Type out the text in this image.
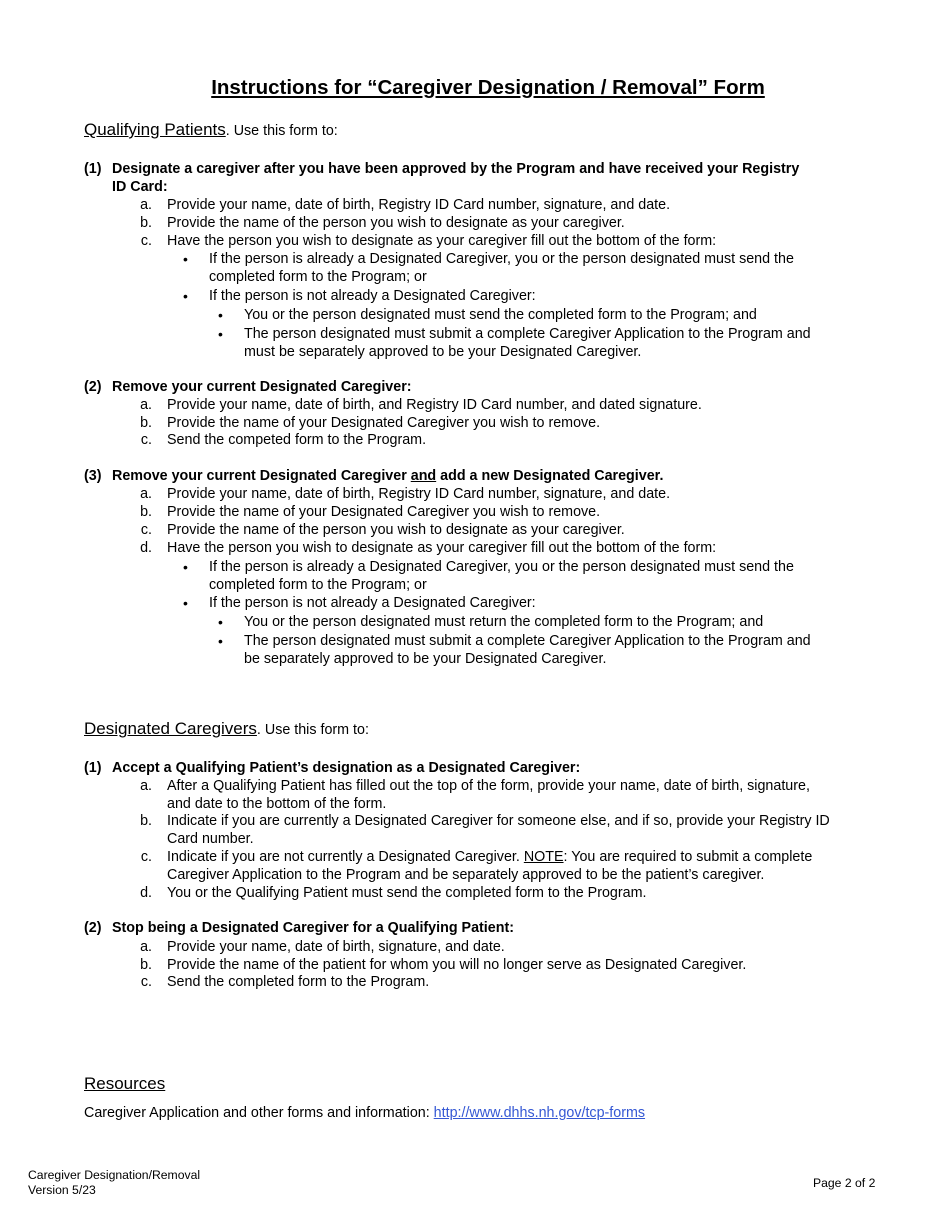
Instructions for “Caregiver Designation / Removal” Form
Qualifying Patients. Use this form to:
(1) Designate a caregiver after you have been approved by the Program and have received your Registry
ID Card:
a. Provide your name, date of birth, Registry ID Card number, signature, and date.
b. Provide the name of the person you wish to designate as your caregiver.
c. Have the person you wish to designate as your caregiver fill out the bottom of the form:
• If the person is already a Designated Caregiver, you or the person designated must send the
completed form to the Program; or
• If the person is not already a Designated Caregiver:
• You or the person designated must send the completed form to the Program; and
• The person designated must submit a complete Caregiver Application to the Program and
must be separately approved to be your Designated Caregiver.
(2) Remove your current Designated Caregiver:
a. Provide your name, date of birth, and Registry ID Card number, and dated signature.
b. Provide the name of your Designated Caregiver you wish to remove.
c. Send the competed form to the Program.
(3) Remove your current Designated Caregiver and add a new Designated Caregiver.
a. Provide your name, date of birth, Registry ID Card number, signature, and date.
b. Provide the name of your Designated Caregiver you wish to remove.
c. Provide the name of the person you wish to designate as your caregiver.
d. Have the person you wish to designate as your caregiver fill out the bottom of the form:
• If the person is already a Designated Caregiver, you or the person designated must send the
completed form to the Program; or
• If the person is not already a Designated Caregiver:
• You or the person designated must return the completed form to the Program; and
• The person designated must submit a complete Caregiver Application to the Program and
be separately approved to be your Designated Caregiver.
Designated Caregivers. Use this form to:
(1) Accept a Qualifying Patient’s designation as a Designated Caregiver:
a. After a Qualifying Patient has filled out the top of the form, provide your name, date of birth, signature,
and date to the bottom of the form.
b. Indicate if you are currently a Designated Caregiver for someone else, and if so, provide your Registry ID
Card number.
c. Indicate if you are not currently a Designated Caregiver. NOTE: You are required to submit a complete
Caregiver Application to the Program and be separately approved to be the patient’s caregiver.
d. You or the Qualifying Patient must send the completed form to the Program.
(2) Stop being a Designated Caregiver for a Qualifying Patient:
a. Provide your name, date of birth, signature, and date.
b. Provide the name of the patient for whom you will no longer serve as Designated Caregiver.
c. Send the completed form to the Program.
Resources
Caregiver Application and other forms and information: http://www.dhhs.nh.gov/tcp-forms
Caregiver Designation/Removal
Version 5/23	Page 2 of 2
